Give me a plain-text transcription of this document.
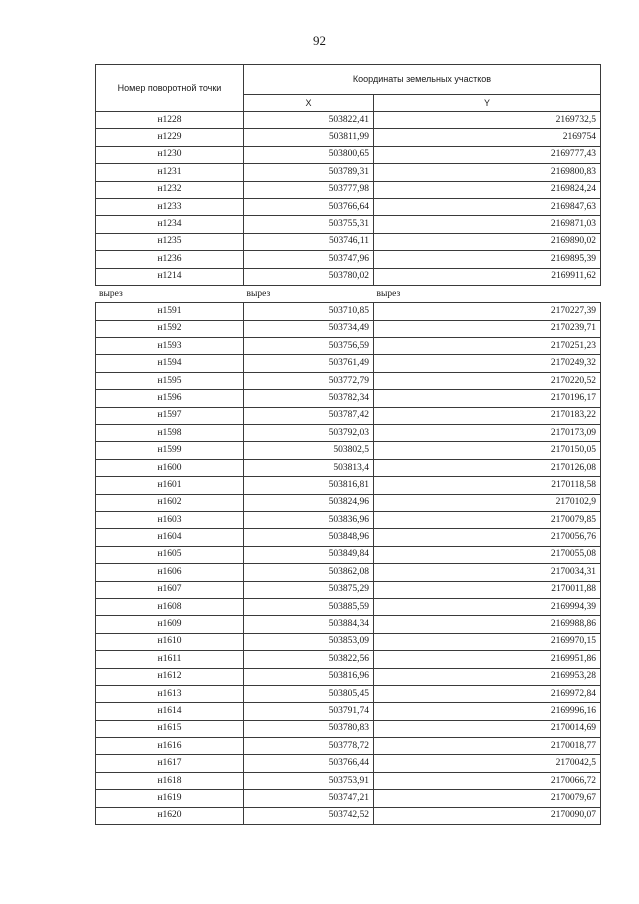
92
Номер поворотной точки	Координаты земельных участков	
	X	Y
н1228	503822,41	2169732,5
н1229	503811,99	2169754
н1230	503800,65	2169777,43
н1231	503789,31	2169800,83
н1232	503777,98	2169824,24
н1233	503766,64	2169847,63
н1234	503755,31	2169871,03
н1235	503746,11	2169890,02
н1236	503747,96	2169895,39
н1214	503780,02	2169911,62
вырез	вырез	вырез
н1591	503710,85	2170227,39
н1592	503734,49	2170239,71
н1593	503756,59	2170251,23
н1594	503761,49	2170249,32
н1595	503772,79	2170220,52
н1596	503782,34	2170196,17
н1597	503787,42	2170183,22
н1598	503792,03	2170173,09
н1599	503802,5	2170150,05
н1600	503813,4	2170126,08
н1601	503816,81	2170118,58
н1602	503824,96	2170102,9
н1603	503836,96	2170079,85
н1604	503848,96	2170056,76
н1605	503849,84	2170055,08
н1606	503862,08	2170034,31
н1607	503875,29	2170011,88
н1608	503885,59	2169994,39
н1609	503884,34	2169988,86
н1610	503853,09	2169970,15
н1611	503822,56	2169951,86
н1612	503816,96	2169953,28
н1613	503805,45	2169972,84
н1614	503791,74	2169996,16
н1615	503780,83	2170014,69
н1616	503778,72	2170018,77
н1617	503766,44	2170042,5
н1618	503753,91	2170066,72
н1619	503747,21	2170079,67
н1620	503742,52	2170090,07
